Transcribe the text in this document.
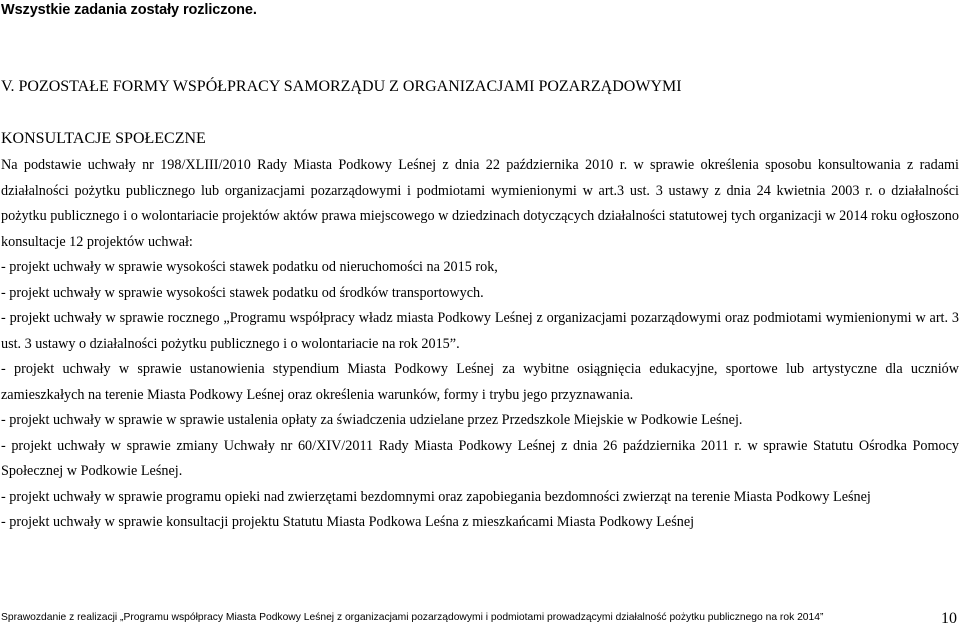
Wszystkie zadania zostały rozliczone.
V. POZOSTAŁE FORMY WSPÓŁPRACY SAMORZĄDU Z ORGANIZACJAMI POZARZĄDOWYMI
KONSULTACJE SPOŁECZNE

Na podstawie uchwały nr 198/XLIII/2010 Rady Miasta Podkowy Leśnej z dnia 22 października 2010 r. w sprawie określenia sposobu konsultowania z radami działalności pożytku publicznego lub organizacjami pozarządowymi i podmiotami wymienionymi w art.3 ust. 3 ustawy z dnia 24 kwietnia 2003 r. o działalności pożytku publicznego i o wolontariacie projektów aktów prawa miejscowego w dziedzinach dotyczących działalności statutowej tych organizacji w 2014 roku ogłoszono konsultacje 12 projektów uchwał:

- projekt uchwały w sprawie wysokości stawek podatku od nieruchomości na 2015 rok,

- projekt uchwały w sprawie wysokości stawek podatku od środków transportowych.

- projekt uchwały w sprawie rocznego „Programu współpracy władz miasta Podkowy Leśnej z organizacjami pozarządowymi oraz podmiotami wymienionymi w art. 3 ust. 3 ustawy o działalności pożytku publicznego i o wolontariacie na rok 2015”.

- projekt uchwały w sprawie ustanowienia stypendium Miasta Podkowy Leśnej za wybitne osiągnięcia edukacyjne, sportowe lub artystyczne dla uczniów zamieszkałych na terenie Miasta Podkowy Leśnej oraz określenia warunków, formy i trybu jego przyznawania.

- projekt uchwały w sprawie w sprawie ustalenia opłaty za świadczenia udzielane przez Przedszkole Miejskie w Podkowie Leśnej.

- projekt uchwały w sprawie zmiany Uchwały nr 60/XIV/2011 Rady Miasta Podkowy Leśnej z dnia 26 października 2011 r. w sprawie Statutu Ośrodka Pomocy Społecznej w Podkowie Leśnej.

- projekt uchwały w sprawie programu opieki nad zwierzętami bezdomnymi oraz zapobiegania bezdomności zwierząt na terenie Miasta Podkowy Leśnej

- projekt uchwały w sprawie konsultacji projektu Statutu Miasta Podkowa Leśna z mieszkańcami Miasta Podkowy Leśnej

Sprawozdanie z realizacji „Programu współpracy Miasta Podkowy Leśnej z organizacjami pozarządowymi i podmiotami prowadzącymi działalność pożytku publicznego na rok 2014”	10
